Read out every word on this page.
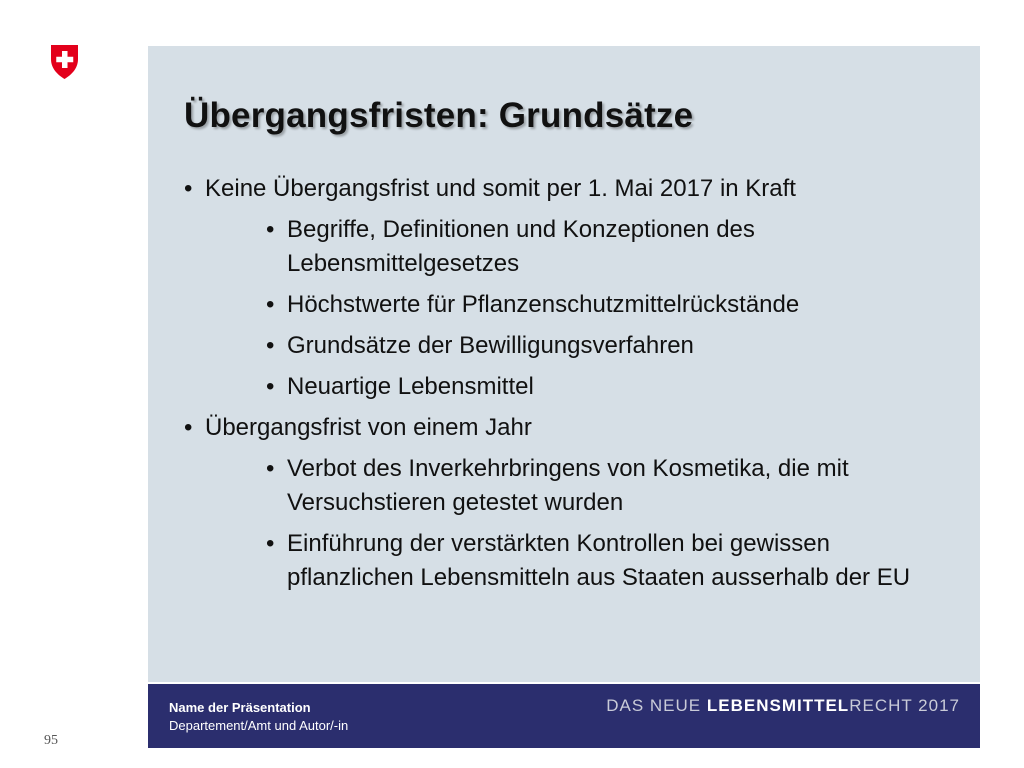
Übergangsfristen: Grundsätze
• Keine Übergangsfrist und somit per 1. Mai 2017 in Kraft
• Begriffe, Definitionen und Konzeptionen des Lebensmittelgesetzes
• Höchstwerte für Pflanzenschutzmittelrückstände
• Grundsätze der Bewilligungsverfahren
• Neuartige Lebensmittel
• Übergangsfrist von einem Jahr
• Verbot des Inverkehrbringens von Kosmetika, die mit Versuchstieren getestet wurden
• Einführung der verstärkten Kontrollen bei gewissen pflanzlichen Lebensmitteln aus Staaten ausserhalb der EU
Name der Präsentation
Departement/Amt und Autor/-in
DAS NEUE LEBENSMITTELRECHT 2017
95
